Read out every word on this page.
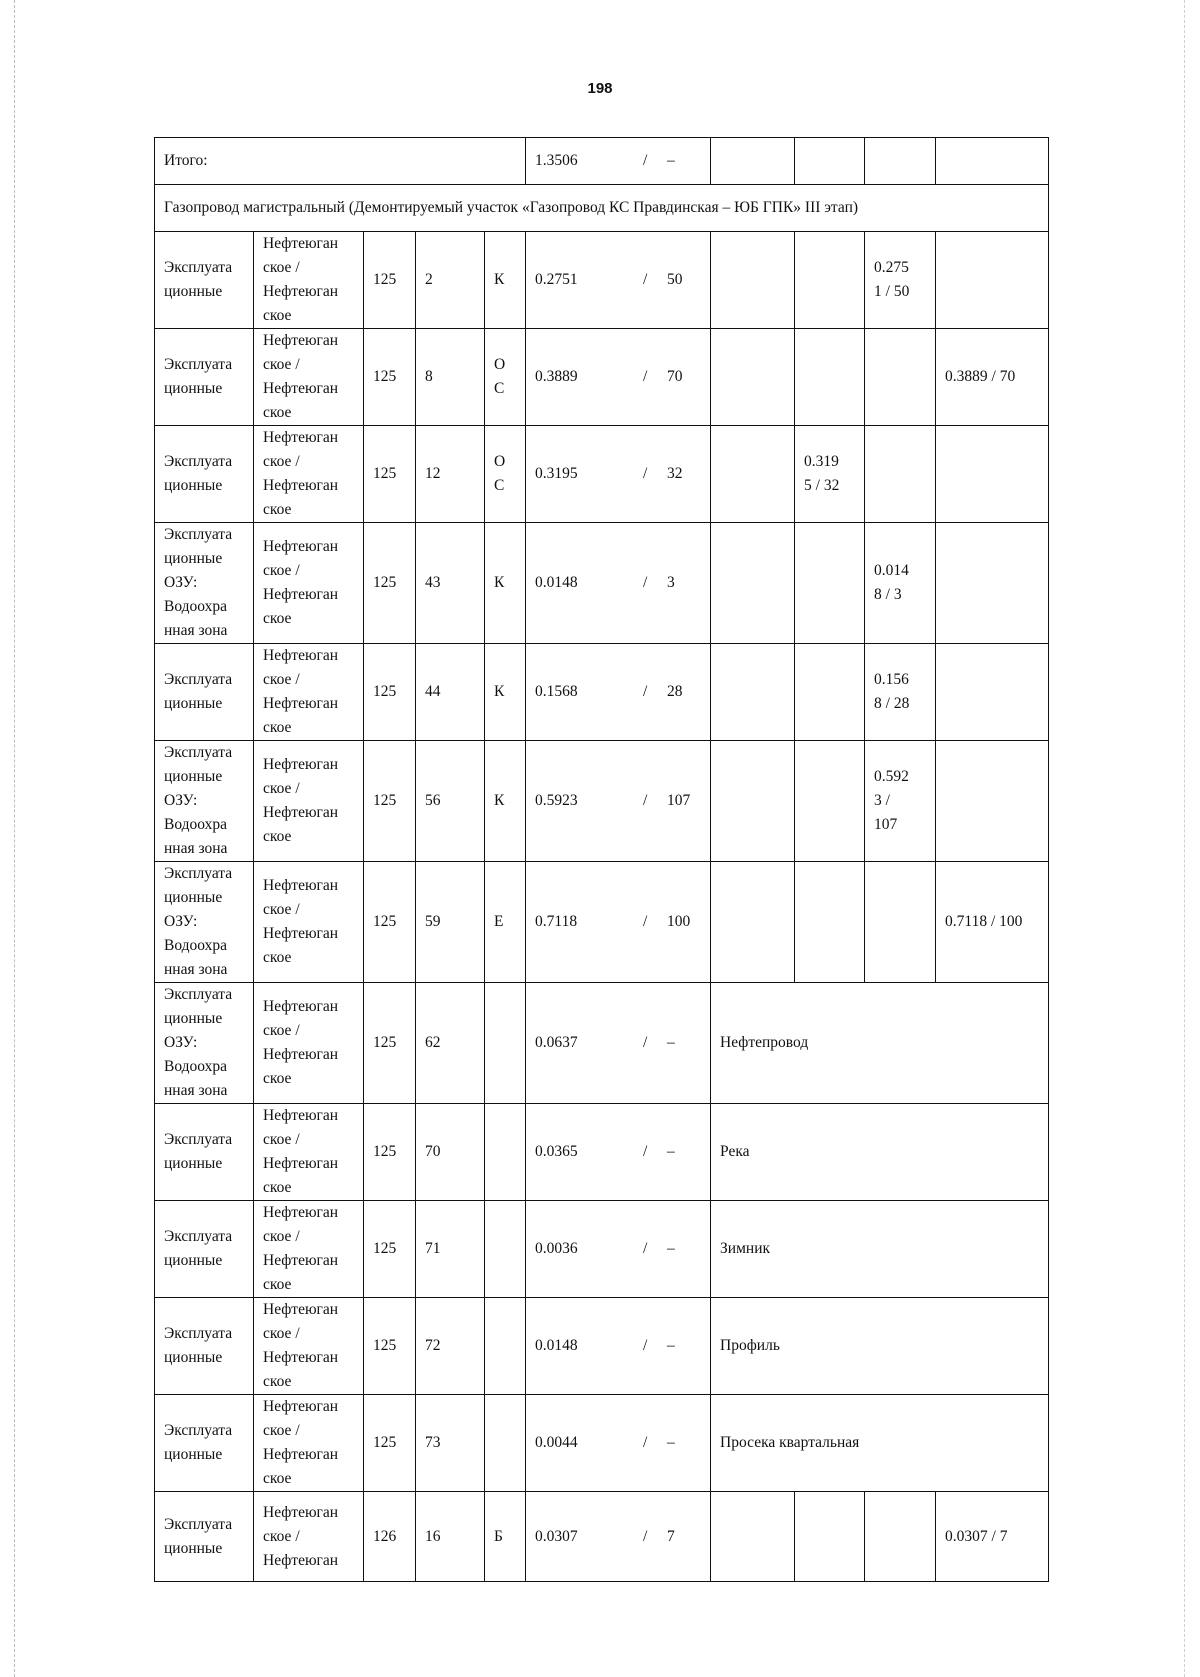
198
Итого:					1.3506 / –				

Газопровод магистральный (Демонтируемый участок «Газопровод КС Правдинская – ЮБ ГПК» III этап)									
Эксплуата
ционные	Нефтеюган
ское /
Нефтеюган
ское	125	2	К	0.2751 / 50			0.275
1 / 50	
Эксплуата
ционные	Нефтеюган
ское /
Нефтеюган
ское	125	8	О
С	0.3889 / 70				0.3889 / 70
Эксплуата
ционные	Нефтеюган
ское /
Нефтеюган
ское	125	12	О
С	0.3195 / 32		0.319
5 / 32		
Эксплуата
ционные
ОЗУ:
Водоохра
нная зона	Нефтеюган
ское /
Нефтеюган
ское	125	43	К	0.0148 / 3			0.014
8 / 3	
Эксплуата
ционные	Нефтеюган
ское /
Нефтеюган
ское	125	44	К	0.1568 / 28			0.156
8 / 28	
Эксплуата
ционные
ОЗУ:
Водоохра
нная зона	Нефтеюган
ское /
Нефтеюган
ское	125	56	К	0.5923 / 107			0.592
3 /
107	
Эксплуата
ционные
ОЗУ:
Водоохра
нная зона	Нефтеюган
ское /
Нефтеюган
ское	125	59	Е	0.7118 / 100				0.7118 / 100
Эксплуата
ционные
ОЗУ:
Водоохра
нная зона	Нефтеюган
ское /
Нефтеюган
ское	125	62		0.0637 / –	Нефтепровод			
Эксплуата
ционные	Нефтеюган
ское /
Нефтеюган
ское	125	70		0.0365 / –	Река			
Эксплуата
ционные	Нефтеюган
ское /
Нефтеюган
ское	125	71		0.0036 / –	Зимник			
Эксплуата
ционные	Нефтеюган
ское /
Нефтеюган
ское	125	72		0.0148 / –	Профиль			
Эксплуата
ционные	Нефтеюган
ское /
Нефтеюган
ское	125	73		0.0044 / –	Просека квартальная			
Эксплуата
ционные	Нефтеюган
ское /
Нефтеюган	126	16	Б	0.0307 / 7				0.0307 / 7
